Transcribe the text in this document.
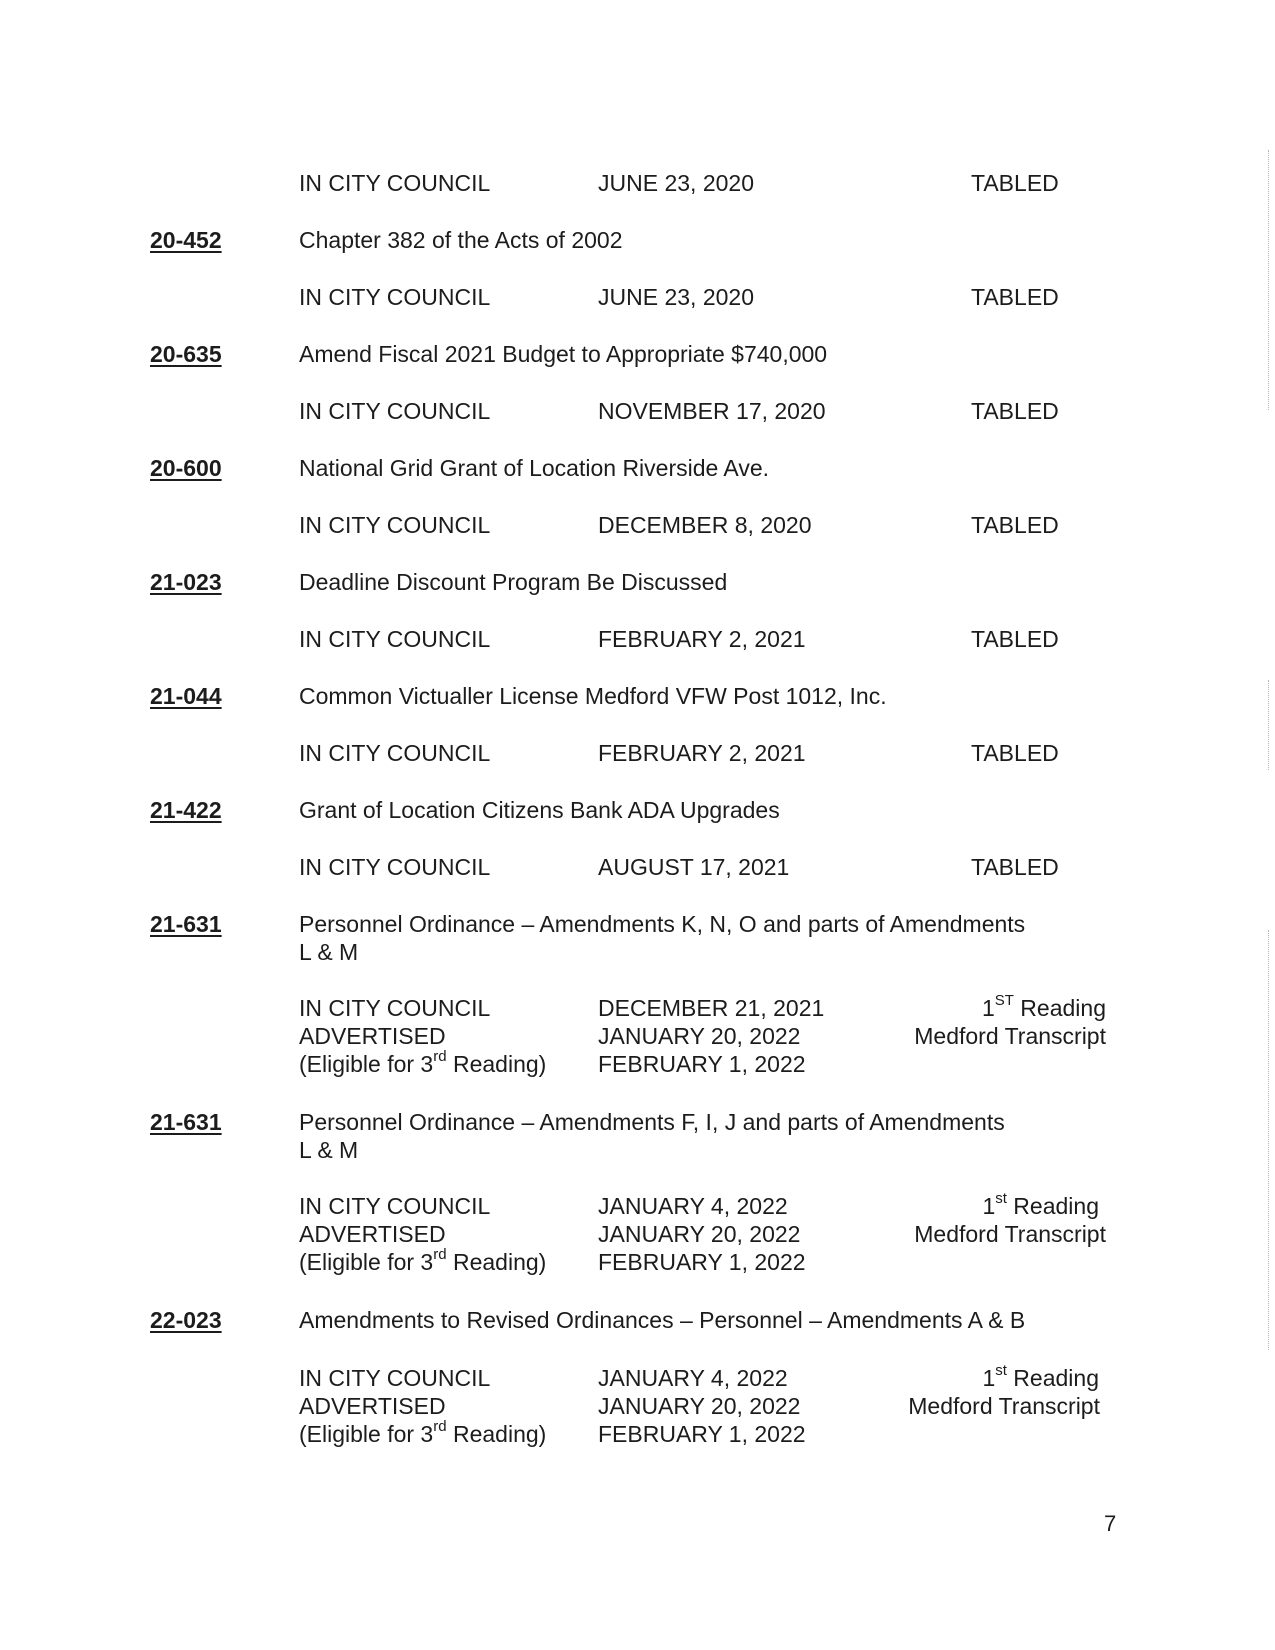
IN CITY COUNCIL	JUNE 23, 2020	TABLED
20-452	Chapter 382 of the Acts of 2002
IN CITY COUNCIL	JUNE 23, 2020	TABLED
20-635	Amend Fiscal 2021 Budget to Appropriate $740,000
IN CITY COUNCIL	NOVEMBER 17, 2020	TABLED
20-600	National Grid Grant of Location Riverside Ave.
IN CITY COUNCIL	DECEMBER 8, 2020	TABLED
21-023	Deadline Discount Program Be Discussed
IN CITY COUNCIL	FEBRUARY 2, 2021	TABLED
21-044	Common Victualler License Medford VFW Post 1012, Inc.
IN CITY COUNCIL	FEBRUARY 2, 2021	TABLED
21-422	Grant of Location Citizens Bank ADA Upgrades
IN CITY COUNCIL	AUGUST 17, 2021	TABLED
21-631	Personnel Ordinance – Amendments K, N, O and parts of Amendments
L & M
IN CITY COUNCIL	DECEMBER 21, 2021	1ST Reading
ADVERTISED	JANUARY 20, 2022	Medford Transcript
(Eligible for 3rd Reading) FEBRUARY 1, 2022
21-631	Personnel Ordinance – Amendments F, I, J and parts of Amendments
L & M
IN CITY COUNCIL	JANUARY 4, 2022	1st Reading
ADVERTISED	JANUARY 20, 2022	Medford Transcript
(Eligible for 3rd Reading) FEBRUARY 1, 2022
22-023	Amendments to Revised Ordinances – Personnel – Amendments A & B
IN CITY COUNCIL	JANUARY 4, 2022	1st Reading
ADVERTISED	JANUARY 20, 2022	Medford Transcript
(Eligible for 3rd Reading) FEBRUARY 1, 2022
7
